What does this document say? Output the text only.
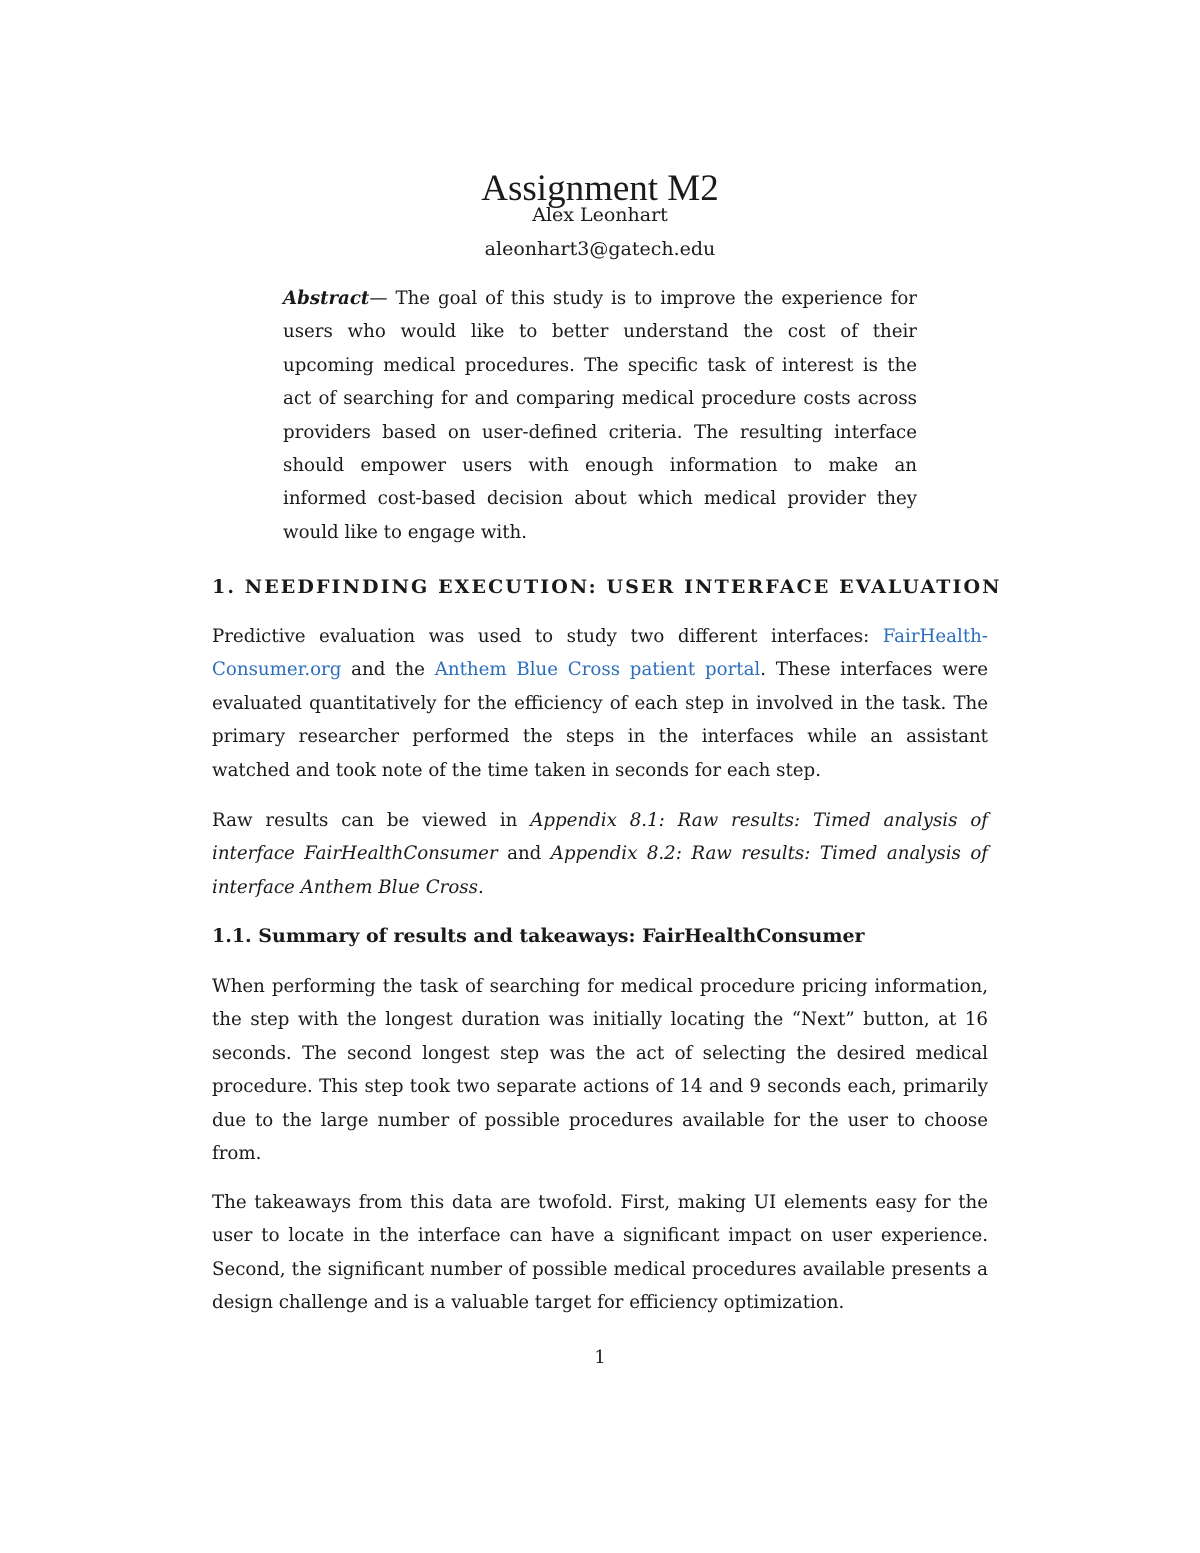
Assignment M2
Alex Leonhart
aleonhart3@gatech.edu

Abstract— The goal of this study is to improve the experience for users who would like to better understand the cost of their upcoming medical procedures. The specific task of interest is the act of searching for and comparing medical procedure costs across providers based on user-defined criteria. The resulting interface should empower users with enough information to make an informed cost-based decision about which medical provider they would like to engage with.

1. NEEDFINDING EXECUTION: USER INTERFACE EVALUATION

Predictive evaluation was used to study two different interfaces: FairHealth-Consumer.org and the Anthem Blue Cross patient portal. These interfaces were evaluated quantitatively for the efficiency of each step in involved in the task. The primary researcher performed the steps in the interfaces while an assistant watched and took note of the time taken in seconds for each step.

Raw results can be viewed in Appendix 8.1: Raw results: Timed analysis of interface FairHealthConsumer and Appendix 8.2: Raw results: Timed analysis of interface Anthem Blue Cross.

1.1. Summary of results and takeaways: FairHealthConsumer

When performing the task of searching for medical procedure pricing information, the step with the longest duration was initially locating the “Next” button, at 16 seconds. The second longest step was the act of selecting the desired medical procedure. This step took two separate actions of 14 and 9 seconds each, primarily due to the large number of possible procedures available for the user to choose from.

The takeaways from this data are twofold. First, making UI elements easy for the user to locate in the interface can have a significant impact on user experience. Second, the significant number of possible medical procedures available presents a design challenge and is a valuable target for efficiency optimization.

1
